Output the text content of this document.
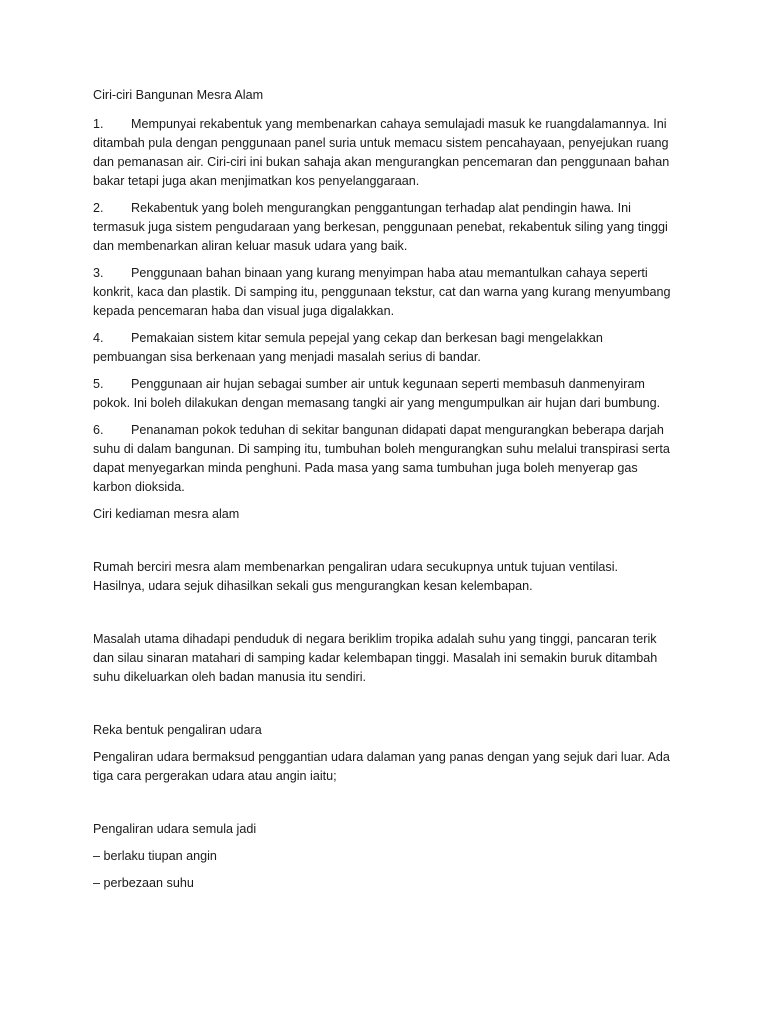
Ciri-ciri Bangunan Mesra Alam

1. Mempunyai rekabentuk yang membenarkan cahaya semulajadi masuk ke ruangdalamannya. Ini ditambah pula dengan penggunaan panel suria untuk memacu sistem pencahayaan, penyejukan ruang dan pemanasan air. Ciri-ciri ini bukan sahaja akan mengurangkan pencemaran dan penggunaan bahan bakar tetapi juga akan menjimatkan kos penyelanggaraan.

2. Rekabentuk yang boleh mengurangkan penggantungan terhadap alat pendingin hawa. Ini termasuk juga sistem pengudaraan yang berkesan, penggunaan penebat, rekabentuk siling yang tinggi dan membenarkan aliran keluar masuk udara yang baik.

3. Penggunaan bahan binaan yang kurang menyimpan haba atau memantulkan cahaya seperti konkrit, kaca dan plastik. Di samping itu, penggunaan tekstur, cat dan warna yang kurang menyumbang kepada pencemaran haba dan visual juga digalakkan.

4. Pemakaian sistem kitar semula pepejal yang cekap dan berkesan bagi mengelakkan pembuangan sisa berkenaan yang menjadi masalah serius di bandar.

5. Penggunaan air hujan sebagai sumber air untuk kegunaan seperti membasuh danmenyiram pokok. Ini boleh dilakukan dengan memasang tangki air yang mengumpulkan air hujan dari bumbung.

6. Penanaman pokok teduhan di sekitar bangunan didapati dapat mengurangkan beberapa darjah suhu di dalam bangunan. Di samping itu, tumbuhan boleh mengurangkan suhu melalui transpirasi serta dapat menyegarkan minda penghuni. Pada masa yang sama tumbuhan juga boleh menyerap gas karbon dioksida.

Ciri kediaman mesra alam

Rumah berciri mesra alam membenarkan pengaliran udara secukupnya untuk tujuan ventilasi. Hasilnya, udara sejuk dihasilkan sekali gus mengurangkan kesan kelembapan.

Masalah utama dihadapi penduduk di negara beriklim tropika adalah suhu yang tinggi, pancaran terik dan silau sinaran matahari di samping kadar kelembapan tinggi. Masalah ini semakin buruk ditambah suhu dikeluarkan oleh badan manusia itu sendiri.

Reka bentuk pengaliran udara

Pengaliran udara bermaksud penggantian udara dalaman yang panas dengan yang sejuk dari luar. Ada tiga cara pergerakan udara atau angin iaitu;

Pengaliran udara semula jadi

– berlaku tiupan angin

– perbezaan suhu
